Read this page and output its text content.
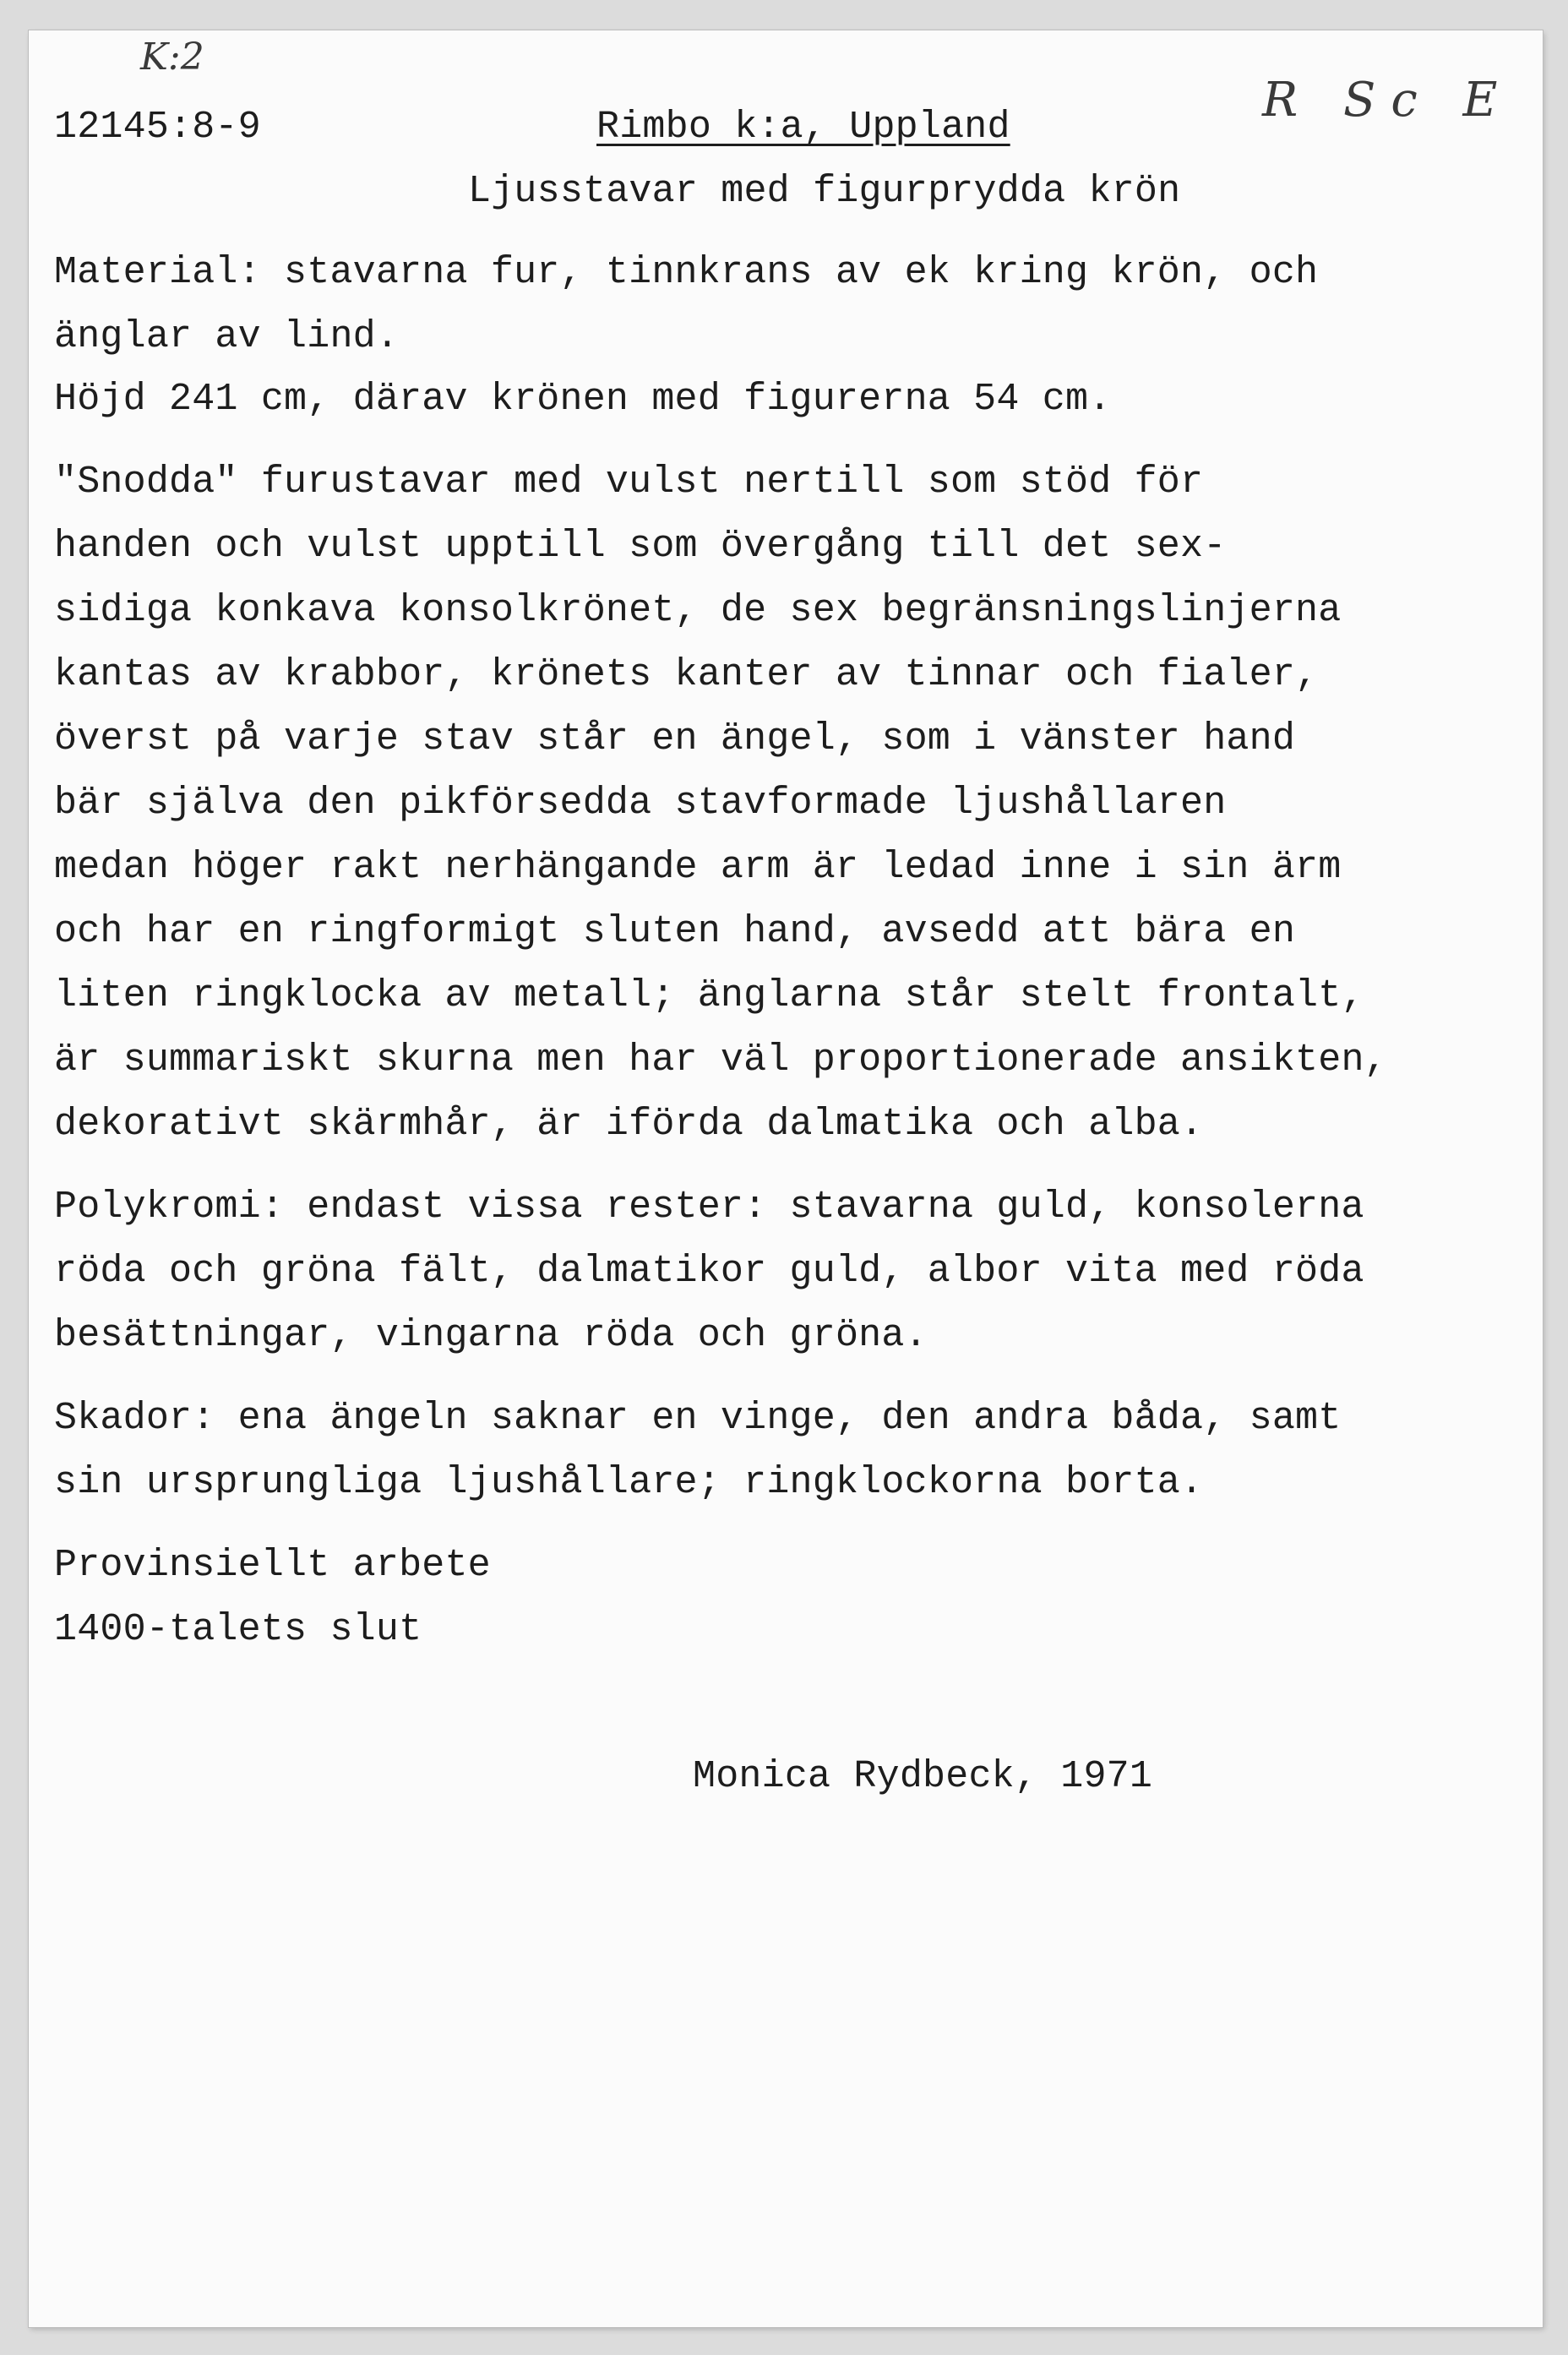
K:2
R Sc E

12145:8-9	Rimbo k:a, Uppland

Ljusstavar med figurprydda krön

Material: stavarna fur, tinnkrans av ek kring krön, och

änglar av lind.

Höjd 241 cm, därav krönen med figurerna 54 cm.

"Snodda" furustavar med vulst nertill som stöd för

handen och vulst upptill som övergång till det sex-

sidiga konkava konsolkrönet, de sex begränsningslinjerna

kantas av krabbor, krönets kanter av tinnar och fialer,

överst på varje stav står en ängel, som i vänster hand

bär själva den pikförsedda stavformade ljushållaren

medan höger rakt nerhängande arm är ledad inne i sin ärm

och har en ringformigt sluten hand, avsedd att bära en

liten ringklocka av metall; änglarna står stelt frontalt,

är summariskt skurna men har väl proportionerade ansikten,

dekorativt skärmhår, är iförda dalmatika och alba.

Polykromi: endast vissa rester: stavarna guld, konsolerna

röda och gröna fält, dalmatikor guld, albor vita med röda

besättningar, vingarna röda och gröna.

Skador: ena ängeln saknar en vinge, den andra båda, samt

sin ursprungliga ljushållare; ringklockorna borta.

Provinsiellt arbete

1400-talets slut

Monica Rydbeck, 1971
